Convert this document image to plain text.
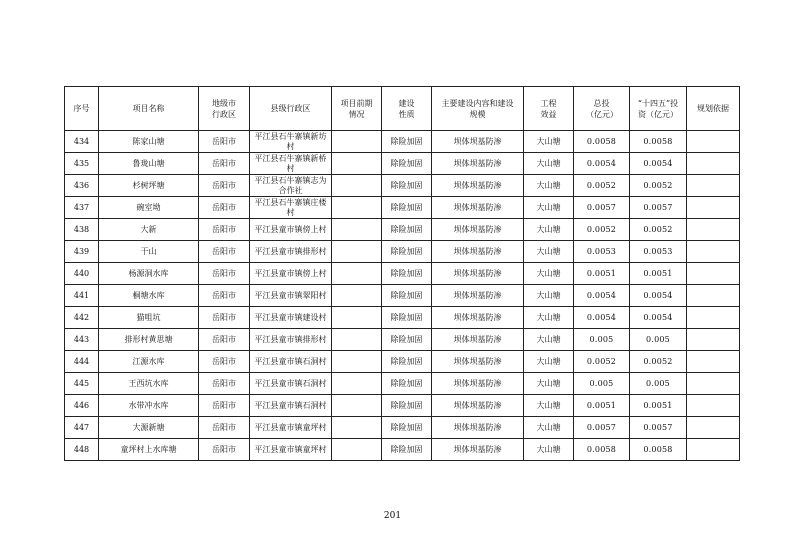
序号	项目名称	地级市行政区	县级行政区	项目前期情况	建设性质	主要建设内容和建设规模	工程效益	总投（亿元）	“十四五”投资（亿元）	规划依据
434	陈家山塘	岳阳市	平江县石牛寨镇新坊村		除险加固	坝体坝基防渗	大山塘	0.0058	0.0058	
435	鲁珑山塘	岳阳市	平江县石牛寨镇新桥村		除险加固	坝体坝基防渗	大山塘	0.0054	0.0054	
436	杉树坪塘	岳阳市	平江县石牛寨镇志为合作社		除险加固	坝体坝基防渗	大山塘	0.0052	0.0052	
437	碗室坳	岳阳市	平江县石牛寨镇庄楼村		除险加固	坝体坝基防渗	大山塘	0.0057	0.0057	
438	大新	岳阳市	平江县童市镇傍上村		除险加固	坝体坝基防渗	大山塘	0.0052	0.0052	
439	干山	岳阳市	平江县童市镇排形村		除险加固	坝体坝基防渗	大山塘	0.0053	0.0053	
440	杨源洞水库	岳阳市	平江县童市镇傍上村		除险加固	坝体坝基防渗	大山塘	0.0051	0.0051	
441	桐塘水库	岳阳市	平江县童市镇翠阳村		除险加固	坝体坝基防渗	大山塘	0.0054	0.0054	
442	猫咀坑	岳阳市	平江县童市镇建设村		除险加固	坝体坝基防渗	大山塘	0.0054	0.0054	
443	排形村黄思塘	岳阳市	平江县童市镇排形村		除险加固	坝体坝基防渗	大山塘	0.005	0.005	
444	江源水库	岳阳市	平江县童市镇石洞村		除险加固	坝体坝基防渗	大山塘	0.0052	0.0052	
445	王西坑水库	岳阳市	平江县童市镇石洞村		除险加固	坝体坝基防渗	大山塘	0.005	0.005	
446	水带冲水库	岳阳市	平江县童市镇石洞村		除险加固	坝体坝基防渗	大山塘	0.0051	0.0051	
447	大源新塘	岳阳市	平江县童市镇童坪村		除险加固	坝体坝基防渗	大山塘	0.0057	0.0057	
448	童坪村上水库塘	岳阳市	平江县童市镇童坪村		除险加固	坝体坝基防渗	大山塘	0.0058	0.0058	
201
